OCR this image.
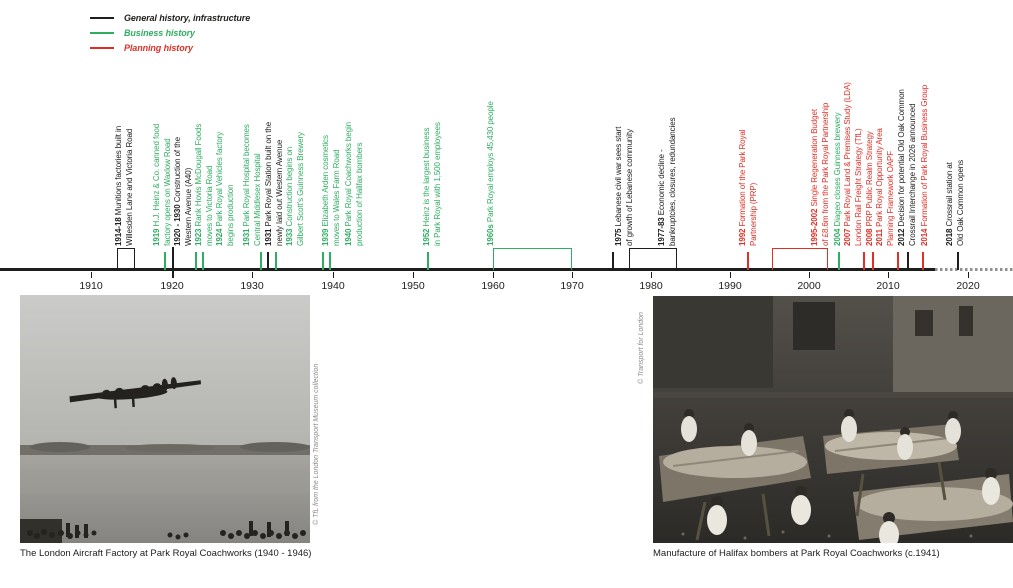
General history, infrastructure
Business history
Planning history
1910	1920	1930	1940	1950	1960	1970	1980	1990	2000	2010	2020
1914-18 Munitions factories built in Willesden Lane and Victoria Road 1919 H.J. Heinz & Co. canned food factory opens on Waxlow Road 1920 - 1930 Construction of the Western Avenue (A40) 1923 Rank Hovis McDougall Foods moves to Victoria Road 1924 Park Royal Vehicles factory begins production 1931 Park Royal Hospital becomes Central Middlesex Hospital 1931 Park Royal Station built on the newly laid out Western Avenue 1933 Construction begins on Gilbert Scott's Guinness Brewery 1939 Elizabeth Arden cosmetics moves to Wales Farm Road 1940 Park Royal Coachworks begin production of Halifax bombers	1952 Heinz is the largest business in Park Royal with 1,500 employees	1960s Park Royal employs 45,430 people
1975 Lebanese civil war sees start of growth of Lebanese community	1977-83 Economic decline - bankruptcies, closures, redundancies	1992 Formation of the Park Royal Partnership (PRP)	1995-2002 Single Regeneration Budget of £8.6m from the Park Royal Partnership 2004 Diageo closes Guinness brewery
2007 Park Royal Land & Premises Study (LDA) London Rail Freight Strategy (TfL) 2008 PRP Public Realm Strategy
2011 Park Royal Opportunity Area Planning Framework OAPF 2012 Decision for potential Old Oak Common Crossrail Interchange in 2026 announced 2014 Formation of Park Royal Business Group
2018 Crossrail station at Old Oak Common opens
© TfL from the London Transport Museum collection
© Transport for London
The London Aircraft Factory at Park Royal Coachworks (1940 - 1946)	Manufacture of Halifax bombers at Park Royal Coachworks (c.1941)
